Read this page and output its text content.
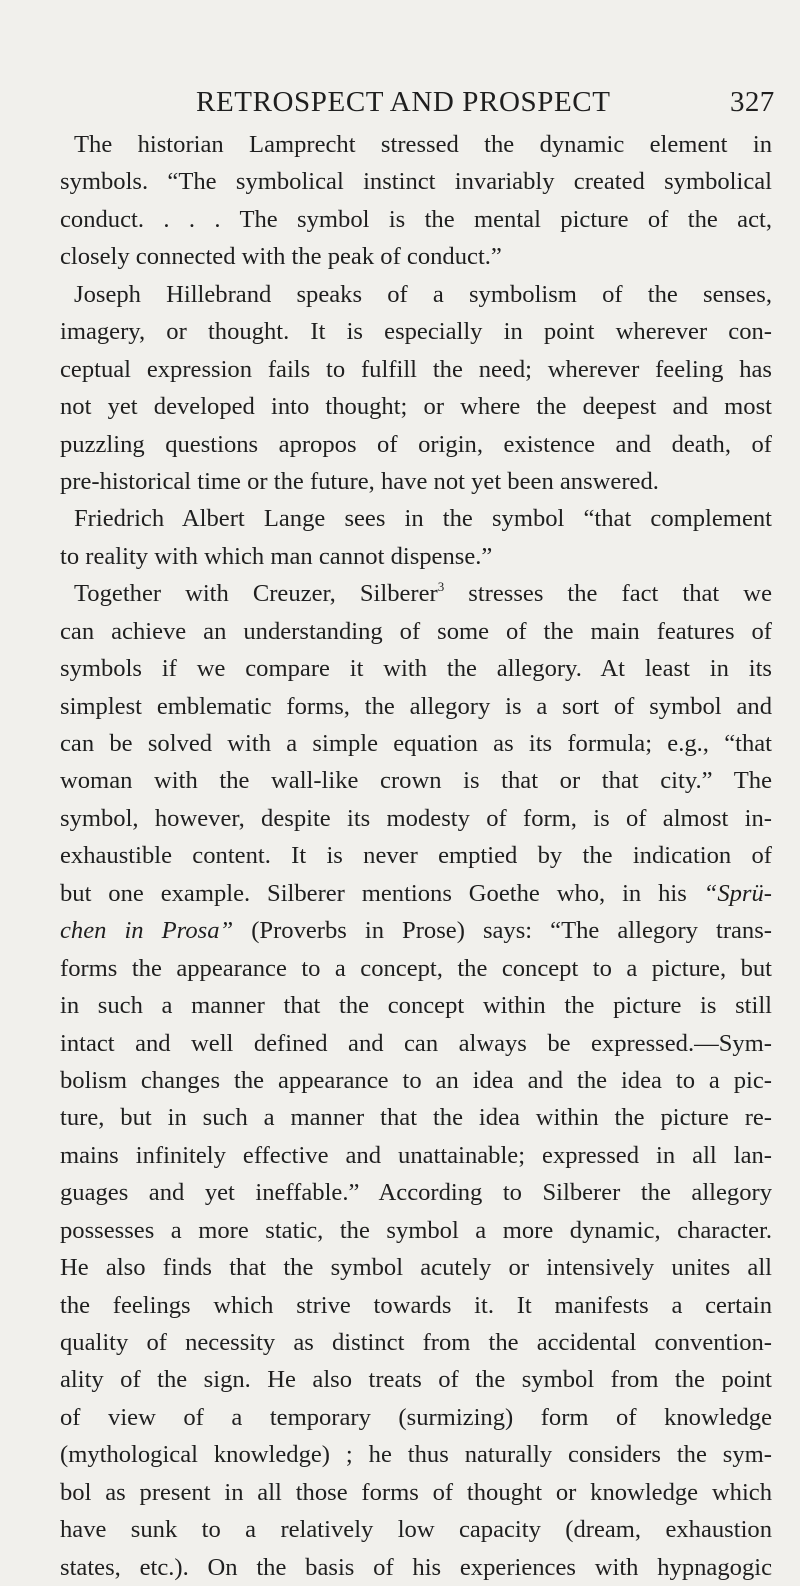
RETROSPECT AND PROSPECT	327
The historian Lamprecht stressed the dynamic element in
symbols. “The symbolical instinct invariably created symbolical
conduct. . . . The symbol is the mental picture of the act,
closely connected with the peak of conduct.”
Joseph Hillebrand speaks of a symbolism of the senses,
imagery, or thought. It is especially in point wherever con-
ceptual expression fails to fulfill the need; wherever feeling has
not yet developed into thought; or where the deepest and most
puzzling questions apropos of origin, existence and death, of
pre-historical time or the future, have not yet been answered.
Friedrich Albert Lange sees in the symbol “that complement
to reality with which man cannot dispense.”
Together with Creuzer, Silberer$^3$ stresses the fact that we
can achieve an understanding of some of the main features of
symbols if we compare it with the allegory. At least in its
simplest emblematic forms, the allegory is a sort of symbol and
can be solved with a simple equation as its formula; e.g., “that
woman with the wall-like crown is that or that city.” The
symbol, however, despite its modesty of form, is of almost in-
exhaustible content. It is never emptied by the indication of
but one example. Silberer mentions Goethe who, in his “Sprü-
chen in Prosa” (Proverbs in Prose) says: “The allegory trans-
forms the appearance to a concept, the concept to a picture, but
in such a manner that the concept within the picture is still
intact and well defined and can always be expressed.—Sym-
bolism changes the appearance to an idea and the idea to a pic-
ture, but in such a manner that the idea within the picture re-
mains infinitely effective and unattainable; expressed in all lan-
guages and yet ineffable.” According to Silberer the allegory
possesses a more static, the symbol a more dynamic, character.
He also finds that the symbol acutely or intensively unites all
the feelings which strive towards it. It manifests a certain
quality of necessity as distinct from the accidental convention-
ality of the sign. He also treats of the symbol from the point
of view of a temporary (surmizing) form of knowledge
(mythological knowledge) ; he thus naturally considers the sym-
bol as present in all those forms of thought or knowledge which
have sunk to a relatively low capacity (dream, exhaustion
states, etc.). On the basis of his experiences with hypnagogic
